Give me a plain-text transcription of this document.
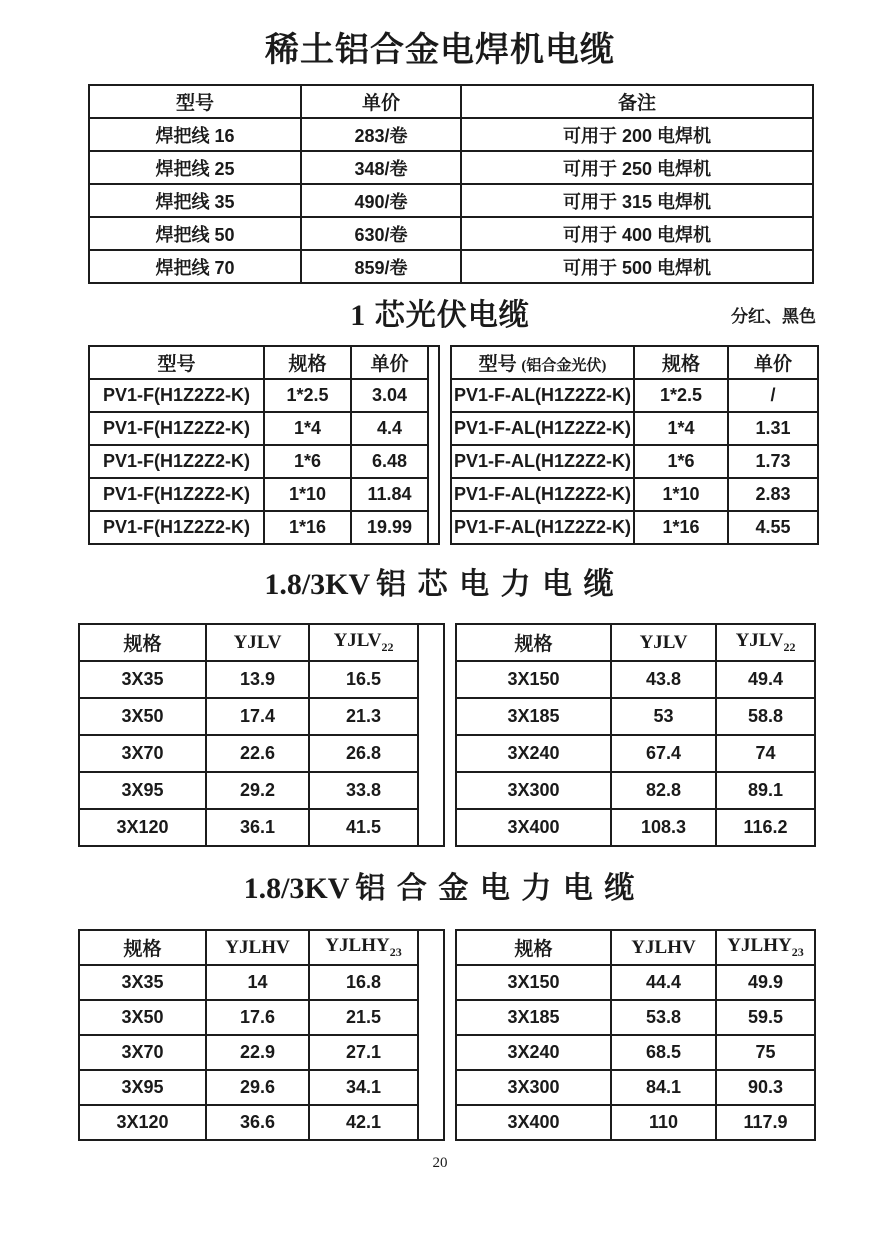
稀土铝合金电焊机电缆
型号	单价	备注
焊把线 16	283/卷	可用于 200 电焊机
焊把线 25	348/卷	可用于 250 电焊机
焊把线 35	490/卷	可用于 315 电焊机
焊把线 50	630/卷	可用于 400 电焊机
焊把线 70	859/卷	可用于 500 电焊机
1 芯光伏电缆	分红、黑色
型号	规格	单价	
PV1-F(H1Z2Z2-K)	1*2.5	3.04	
PV1-F(H1Z2Z2-K)	1*4	4.4	
PV1-F(H1Z2Z2-K)	1*6	6.48	
PV1-F(H1Z2Z2-K)	1*10	11.84	
PV1-F(H1Z2Z2-K)	1*16	19.99	
型号 (铝合金光伏)	规格	单价
PV1-F-AL(H1Z2Z2-K)	1*2.5	/
PV1-F-AL(H1Z2Z2-K)	1*4	1.31
PV1-F-AL(H1Z2Z2-K)	1*6	1.73
PV1-F-AL(H1Z2Z2-K)	1*10	2.83
PV1-F-AL(H1Z2Z2-K)	1*16	4.55
1.8/3KV 铝 芯 电 力 电 缆
规格	YJLV	$YJLV_{22}$	
3X35	13.9	16.5	
3X50	17.4	21.3	
3X70	22.6	26.8	
3X95	29.2	33.8	
3X120	36.1	41.5	
规格	YJLV	$YJLV_{22}$
3X150	43.8	49.4
3X185	53	58.8
3X240	67.4	74
3X300	82.8	89.1
3X400	108.3	116.2
1.8/3KV 铝 合 金 电 力 电 缆
规格	YJLHV	$YJLHY_{23}$	
3X35	14	16.8	
3X50	17.6	21.5	
3X70	22.9	27.1	
3X95	29.6	34.1	
3X120	36.6	42.1	
规格	YJLHV	$YJLHY_{23}$
3X150	44.4	49.9
3X185	53.8	59.5
3X240	68.5	75
3X300	84.1	90.3
3X400	110	117.9
20
